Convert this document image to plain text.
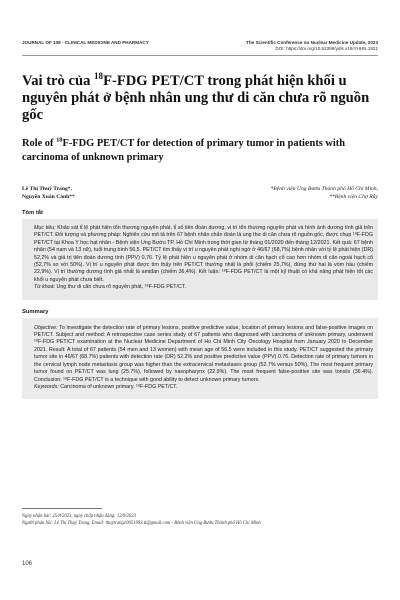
JOURNAL OF 108 - CLINICAL MEDICINE AND PHARMACY	The Scientific Conference on Nuclear Medicine Update, 2023
DOI: https://doi.org/10.52389/ydls.v18iYHHN.1931
Vai trò của $^{18}$F-FDG PET/CT trong phát hiện khối u nguyên phát ở bệnh nhân ung thư di căn chưa rõ nguồn gốc
Role of $^{18}$F-FDG PET/CT for detection of primary tumor in patients with carcinoma of unknown primary
Lê Thị Thuỳ Trang*,
Nguyễn Xuân Cảnh**
*Bệnh viện Ung Bướu Thành phố Hồ Chí Minh,
**Bệnh viện Chợ Rẫy
Tóm tắt

Mục tiêu: Khảo sát tỉ lệ phát hiện tổn thương nguyên phát, tỉ số tiên đoán dương, vị trí tổn thương nguyên phát và hình ảnh dương tính giả trên PET/CT. Đối tượng và phương pháp: Nghiên cứu mô tả trên 67 bệnh nhân chẩn đoán là ung thư di căn chưa rõ nguồn gốc, được chụp ¹⁸F-FDG PET/CT tại Khoa Y học hạt nhân - Bệnh viện Ung Bướu TP. Hồ Chí Minh trong thời gian từ tháng 01/2020 đến tháng 12/2021. Kết quả: 67 bệnh nhân (54 nam và 13 nữ), tuổi trung bình 56,5. PET/CT tìm thấy vị trí u nguyên phát nghi ngờ ở 46/67 (68,7%) bệnh nhân với tỷ lệ phát hiện (DR) 52,2% và giá trị tiên đoán dương tính (PPV) 0,76. Tỷ lệ phát hiện u nguyên phát ở nhóm di căn hạch cổ cao hơn nhóm di căn ngoài hạch cổ (52,7% so với 50%). Vị trí u nguyên phát được tìm thấy trên PET/CT thường nhất là phổi (chiếm 25,7%), đứng thứ hai là vòm hầu (chiếm 22,9%). Vị trí thường dương tính giả nhất là amiđan (chiếm 36,4%). Kết luận: ¹⁸F-FDG PET/CT là một kỹ thuật có khả năng phát hiện tốt các khối u nguyên phát chưa biết.

Từ khoá: Ung thư di căn chưa rõ nguyên phát, ¹⁸F-FDG PET/CT.

Summary

Objective: To investigate the detection rate of primary lesions, positive predictive value, location of primary lesions and false-positive images on PET/CT. Subject and method: A retrospective case series study of 67 patients who diagnosed with carcinoma of unknown primary, underwent ¹⁸F-FDG PET/CT examination at the Nuclear Medicine Department of Ho Chi Minh City Oncology Hospital from January 2020 to December 2021. Result: A total of 67 patients (54 men and 13 women) with mean age of 56.5 were included in this study. PET/CT suggested the primary tumor site in 46/67 (68.7%) patients with detection rate (DR) 52.2% and positive predictive value (PPV) 0.76. Detection rate of primary tumors in the cervical lymph node metastasis group was higher than the extracervical metastases group (52.7% versus 50%). The most frequent primary tumor found on PET/CT was lung (25.7%), followed by nasopharynx (22.9%). The most frequent false-positive site was tonsils (36.4%). Conclusion: ¹⁸F-FDG PET/CT is a technique with good ability to detect unknown primary tumors.

Keywords: Carcinoma of unknown primary, ¹⁸F-FDG PET/CT.

Ngày nhận bài: 25/8/2023, ngày chấp nhận đăng: 12/9/2023
Người phản hồi: Lê Thị Thuỳ Trang, Email: thuytrang10051993.tl@gmail.com - Bệnh viện Ung Bướu Thành phố Hồ Chí Minh
106
